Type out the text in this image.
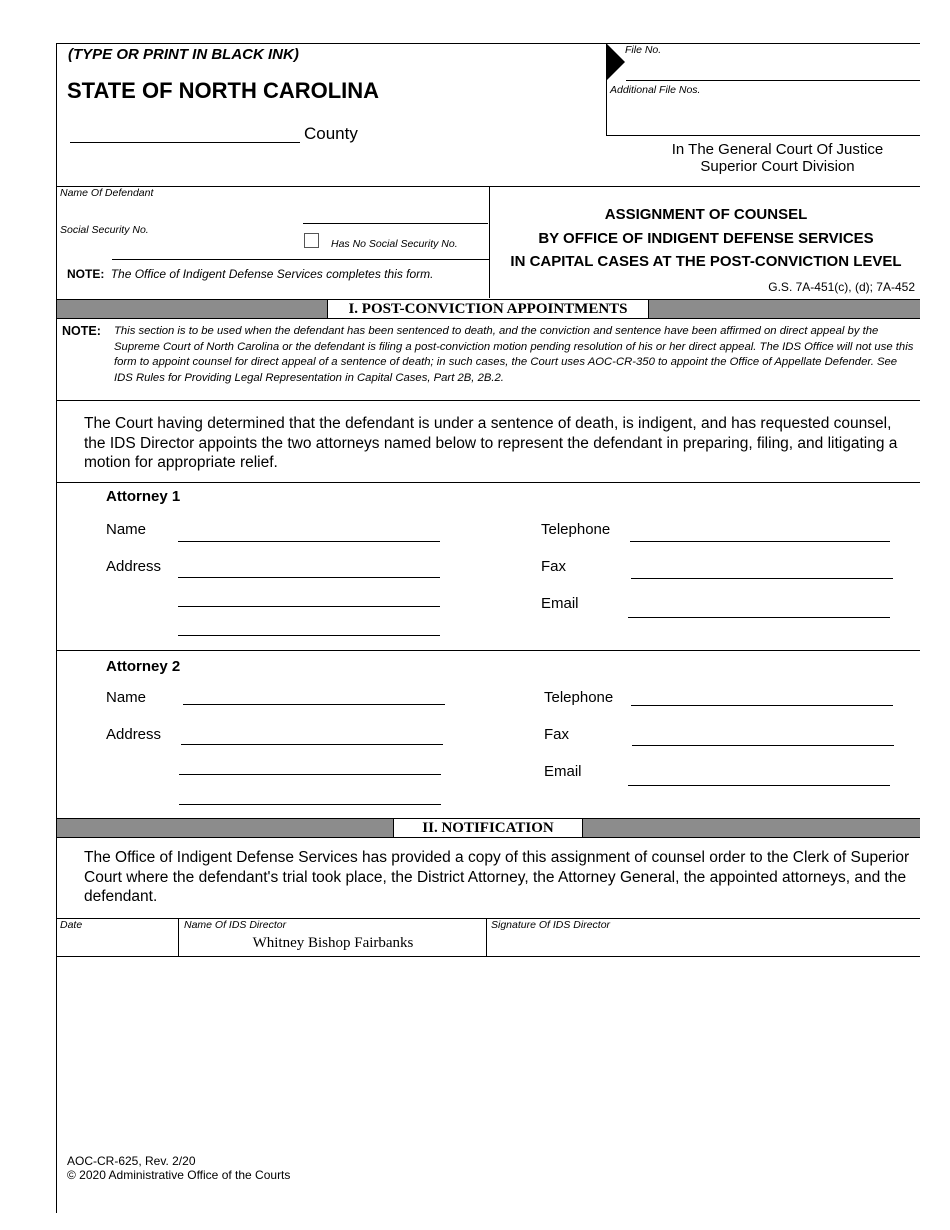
(TYPE OR PRINT IN BLACK INK)
STATE OF NORTH CAROLINA
County
File No.
Additional File Nos.
In The General Court Of Justice
Superior Court Division
Name Of Defendant
Social Security No.
Has No Social Security No.
NOTE: The Office of Indigent Defense Services completes this form.
ASSIGNMENT OF COUNSEL
BY OFFICE OF INDIGENT DEFENSE SERVICES
IN CAPITAL CASES AT THE POST-CONVICTION LEVEL
G.S. 7A-451(c), (d); 7A-452
I. POST-CONVICTION APPOINTMENTS
NOTE: This section is to be used when the defendant has been sentenced to death, and the conviction and sentence have been affirmed on direct appeal by the Supreme Court of North Carolina or the defendant is filing a post-conviction motion pending resolution of his or her direct appeal. The IDS Office will not use this form to appoint counsel for direct appeal of a sentence of death; in such cases, the Court uses AOC-CR-350 to appoint the Office of Appellate Defender. See IDS Rules for Providing Legal Representation in Capital Cases, Part 2B, 2B.2.
The Court having determined that the defendant is under a sentence of death, is indigent, and has requested counsel, the IDS Director appoints the two attorneys named below to represent the defendant in preparing, filing, and litigating a motion for appropriate relief.
Attorney 1
Name
Address
Telephone
Fax
Email
Attorney 2
Name
Address
Telephone
Fax
Email
II. NOTIFICATION
The Office of Indigent Defense Services has provided a copy of this assignment of counsel order to the Clerk of Superior Court where the defendant's trial took place, the District Attorney, the Attorney General, the appointed attorneys, and the defendant.
Date	Name Of IDS Director
Whitney Bishop Fairbanks
Signature Of IDS Director
AOC-CR-625, Rev. 2/20
© 2020 Administrative Office of the Courts
